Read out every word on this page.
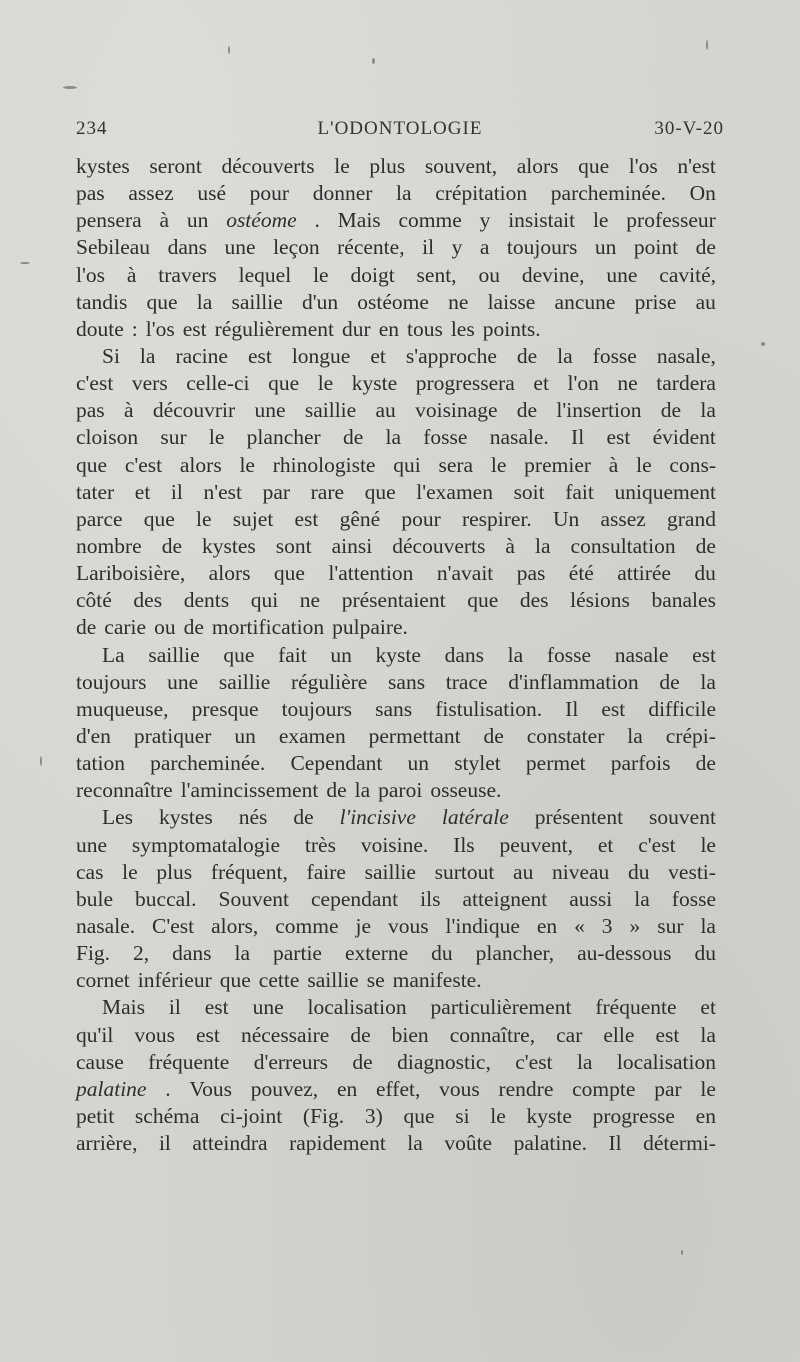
234	L'ODONTOLOGIE	30-V-20
kystes seront découverts le plus souvent, alors que l'os n'est
pas assez usé pour donner la crépitation parcheminée. On
pensera à un ostéome . Mais comme y insistait le professeur
Sebileau dans une leçon récente, il y a toujours un point de
l'os à travers lequel le doigt sent, ou devine, une cavité,
tandis que la saillie d'un ostéome ne laisse ancune prise au
doute : l'os est régulièrement dur en tous les points.
Si la racine est longue et s'approche de la fosse nasale,
c'est vers celle-ci que le kyste progressera et l'on ne tardera
pas à découvrir une saillie au voisinage de l'insertion de la
cloison sur le plancher de la fosse nasale. Il est évident
que c'est alors le rhinologiste qui sera le premier à le cons-
tater et il n'est par rare que l'examen soit fait uniquement
parce que le sujet est gêné pour respirer. Un assez grand
nombre de kystes sont ainsi découverts à la consultation de
Lariboisière, alors que l'attention n'avait pas été attirée du
côté des dents qui ne présentaient que des lésions banales
de carie ou de mortification pulpaire.
La saillie que fait un kyste dans la fosse nasale est
toujours une saillie régulière sans trace d'inflammation de la
muqueuse, presque toujours sans fistulisation. Il est difficile
d'en pratiquer un examen permettant de constater la crépi-
tation parcheminée. Cependant un stylet permet parfois de
reconnaître l'amincissement de la paroi osseuse.
Les kystes nés de l'incisive latérale présentent souvent
une symptomatalogie très voisine. Ils peuvent, et c'est le
cas le plus fréquent, faire saillie surtout au niveau du vesti-
bule buccal. Souvent cependant ils atteignent aussi la fosse
nasale. C'est alors, comme je vous l'indique en « 3 » sur la
Fig. 2, dans la partie externe du plancher, au-dessous du
cornet inférieur que cette saillie se manifeste.
Mais il est une localisation particulièrement fréquente et
qu'il vous est nécessaire de bien connaître, car elle est la
cause fréquente d'erreurs de diagnostic, c'est la localisation
palatine . Vous pouvez, en effet, vous rendre compte par le
petit schéma ci-joint (Fig. 3) que si le kyste progresse en
arrière, il atteindra rapidement la voûte palatine. Il détermi-
